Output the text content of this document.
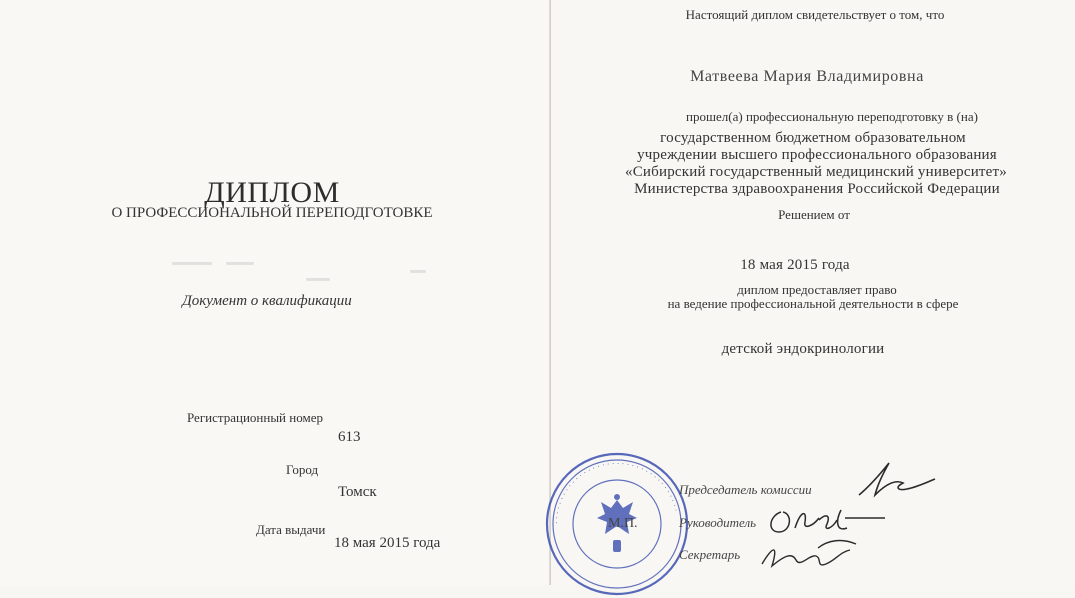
ДИПЛОМ
О ПРОФЕССИОНАЛЬНОЙ ПЕРЕПОДГОТОВКЕ
Документ о квалификации
Регистрационный номер
613
Город
Томск
Дата выдачи
18 мая 2015 года
Настоящий диплом свидетельствует о том, что
Матвеева Мария Владимировна
прошел(а) профессиональную переподготовку в (на)
государственном бюджетном образовательном
учреждении высшего профессионального образования
«Сибирский государственный медицинский университет»
Министерства здравоохранения Российской Федерации
Решением от
18 мая 2015 года
диплом предоставляет право
на ведение профессиональной деятельности в сфере
детской эндокринологии
· · · · · · · · · · · · · · · · · · · · · · · · · · · · · · · · · · · ·
М.П.
Председатель комиссии
Руководитель
Секретарь
